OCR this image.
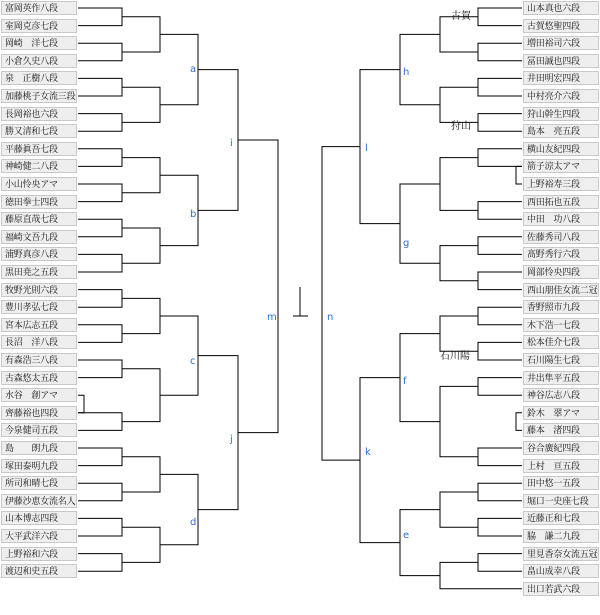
a
b
c
d
i
j
m	n
l
k
h
g
f
e
古賀
狩山
石川陽
富岡英作八段
室岡克彦七段
岡崎　洋七段
小倉久史八段
泉　正樹八段
加藤桃子女流三段
長岡裕也六段
勝又清和七段
平藤眞吾七段
神崎健二八段
小山怜央アマ
徳田拳士四段
藤原直哉七段
福崎文吾九段
浦野真彦八段
黒田尭之五段
牧野光則六段
豊川孝弘七段
宮本広志五段
長沼　洋八段
有森浩三八段
古森悠太五段
水谷　創アマ
齊藤裕也四段
今泉健司五段
島　　朗九段
塚田泰明九段
所司和晴七段
伊藤沙恵女流名人
山本博志四段
大平武洋六段
上野裕和六段
渡辺和史五段
山本真也六段
古賀悠聖四段
増田裕司六段
冨田誠也四段
井田明宏四段
中村亮介六段
狩山幹生四段
島本　亮五段
横山友紀四段
箭子涼太アマ
上野裕寿三段
西田拓也五段
中田　功八段
佐藤秀司八段
髙野秀行六段
岡部怜央四段
西山朋佳女流二冠
香野照市九段
木下浩一七段
松本佳介七段
石川陽生七段
井出隼平五段
神谷広志八段
鈴木　翠アマ
藤本　渚四段
谷合廣紀四段
上村　亘五段
田中悠一五段
堀口一史座七段
近藤正和七段
脇　謙二九段
里見香奈女流五冠
畠山成幸八段
出口若武六段
